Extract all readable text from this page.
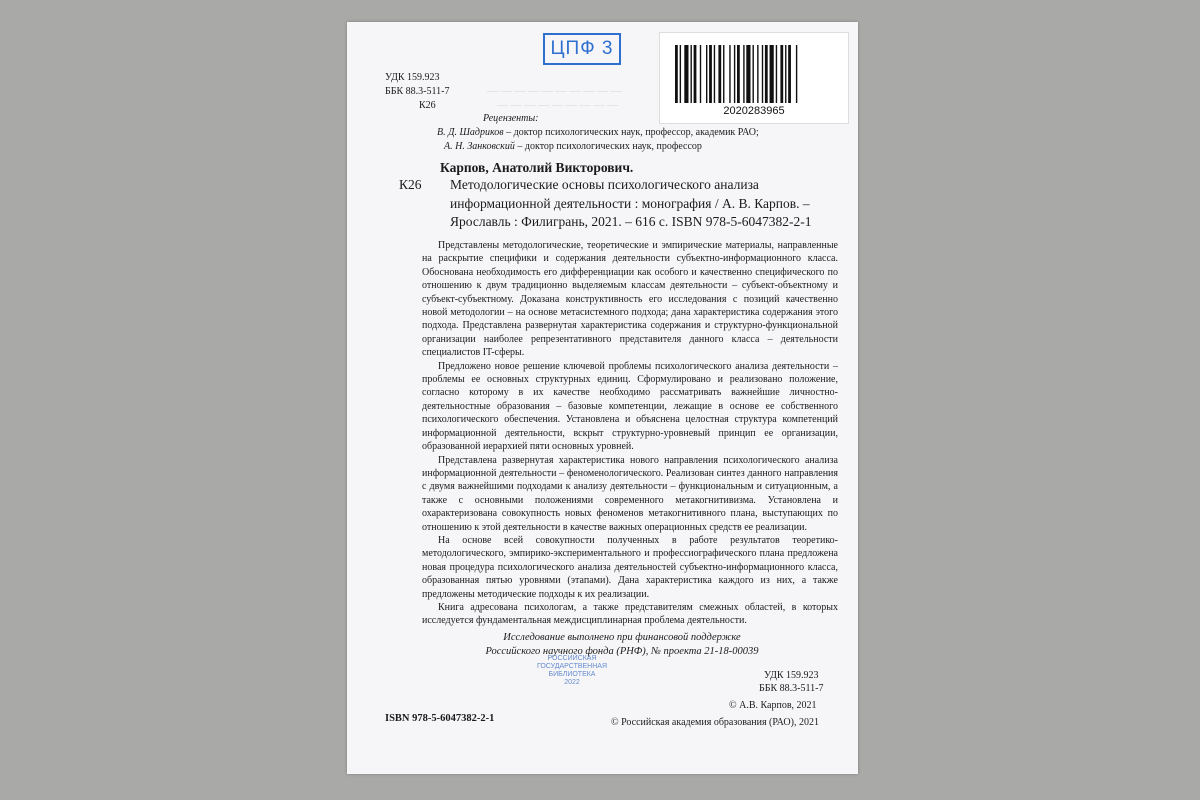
ЦПФ 3
2020283965
УДК 159.923
ББК 88.3-511-7
К26
— — — — — — — — — —
— — — — — — — — —
Рецензенты:
В. Д. Шадриков – доктор психологических наук, профессор, академик РАО;
А. Н. Занковский – доктор психологических наук, профессор
Карпов, Анатолий Викторович.
К26 Методологические основы психологического анализа информационной деятельности : монография / А. В. Карпов. – Ярославль : Филигрань, 2021. – 616 с. ISBN 978-5-6047382-2-1

Представлены методологические, теоретические и эмпирические материалы, направленные на раскрытие специфики и содержания деятельности субъектно-информационного класса. Обоснована необходимость его дифференциации как особого и качественно специфического по отношению к двум традиционно выделяемым классам деятельности – субъект-объектному и субъект-субъектному. Доказана конструктивность его исследования с позиций качественно новой методологии – на основе метасистемного подхода; дана характеристика содержания этого подхода. Представлена развернутая характеристика содержания и структурно-функциональной организации наиболее репрезентативного представителя данного класса – деятельности специалистов IT-сферы.

Предложено новое решение ключевой проблемы психологического анализа деятельности – проблемы ее основных структурных единиц. Сформулировано и реализовано положение, согласно которому в их качестве необходимо рассматривать важнейшие личностно-деятельностные образования – базовые компетенции, лежащие в основе ее собственного психологического обеспечения. Установлена и объяснена целостная структура компетенций информационной деятельности, вскрыт структурно-уровневый принцип ее организации, образованной иерархией пяти основных уровней.

Представлена развернутая характеристика нового направления психологического анализа информационной деятельности – феноменологического. Реализован синтез данного направления с двумя важнейшими подходами к анализу деятельности – функциональным и ситуационным, а также с основными положениями современного метакогнитивизма. Установлена и охарактеризована совокупность новых феноменов метакогнитивного плана, выступающих по отношению к этой деятельности в качестве важных операционных средств ее реализации.

На основе всей совокупности полученных в работе результатов теоретико-методологического, эмпирико-экспериментального и профессиографического плана предложена новая процедура психологического анализа деятельностей субъектно-информационного класса, образованная пятью уровнями (этапами). Дана характеристика каждого из них, а также предложены методические подходы к их реализации.

Книга адресована психологам, а также представителям смежных областей, в которых исследуется фундаментальная междисциплинарная проблема деятельности.

Исследование выполнено при финансовой поддержке
Российского научного фонда (РНФ), № проекта 21-18-00039
РОССИЙСКАЯ
ГОСУДАРСТВЕННАЯ
БИБЛИОТЕКА
2022
УДК 159.923
ББК 88.3-511-7
© А.В. Карпов, 2021
ISBN 978-5-6047382-2-1	© Российская академия образования (РАО), 2021
